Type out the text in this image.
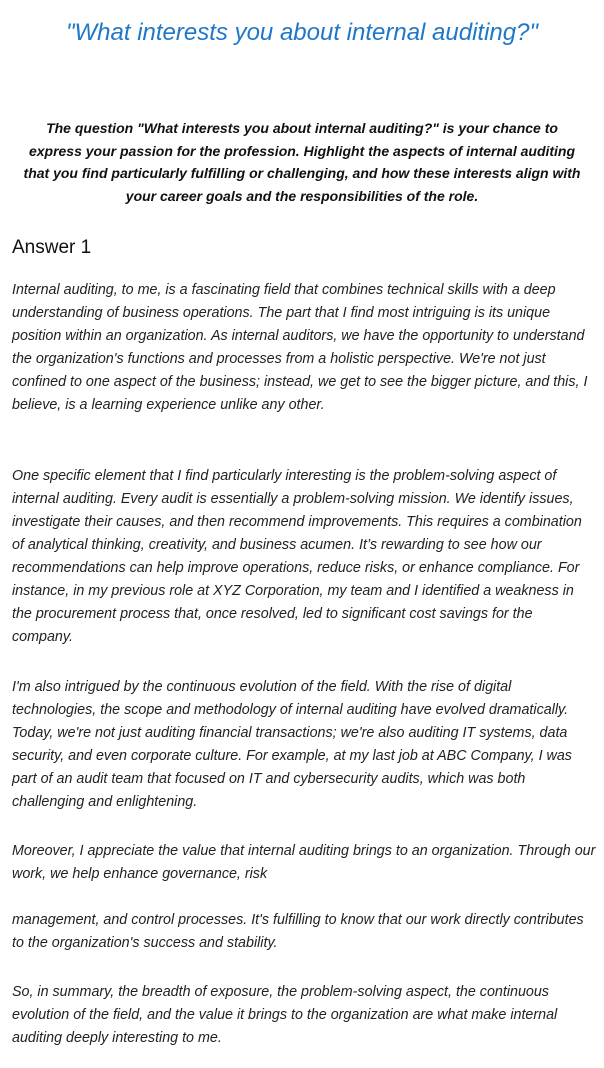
"What interests you about internal auditing?"

The question "What interests you about internal auditing?" is your chance to express your passion for the profession. Highlight the aspects of internal auditing that you find particularly fulfilling or challenging, and how these interests align with your career goals and the responsibilities of the role.

Answer 1

Internal auditing, to me, is a fascinating field that combines technical skills with a deep understanding of business operations. The part that I find most intriguing is its unique position within an organization. As internal auditors, we have the opportunity to understand the organization's functions and processes from a holistic perspective. We're not just confined to one aspect of the business; instead, we get to see the bigger picture, and this, I believe, is a learning experience unlike any other.

One specific element that I find particularly interesting is the problem-solving aspect of internal auditing. Every audit is essentially a problem-solving mission. We identify issues, investigate their causes, and then recommend improvements. This requires a combination of analytical thinking, creativity, and business acumen. It’s rewarding to see how our recommendations can help improve operations, reduce risks, or enhance compliance. For instance, in my previous role at XYZ Corporation, my team and I identified a weakness in the procurement process that, once resolved, led to significant cost savings for the company.

I'm also intrigued by the continuous evolution of the field. With the rise of digital technologies, the scope and methodology of internal auditing have evolved dramatically. Today, we're not just auditing financial transactions; we're also auditing IT systems, data security, and even corporate culture. For example, at my last job at ABC Company, I was part of an audit team that focused on IT and cybersecurity audits, which was both challenging and enlightening.

Moreover, I appreciate the value that internal auditing brings to an organization. Through our work, we help enhance governance, risk

management, and control processes. It's fulfilling to know that our work directly contributes to the organization's success and stability.

So, in summary, the breadth of exposure, the problem-solving aspect, the continuous evolution of the field, and the value it brings to the organization are what make internal auditing deeply interesting to me.
